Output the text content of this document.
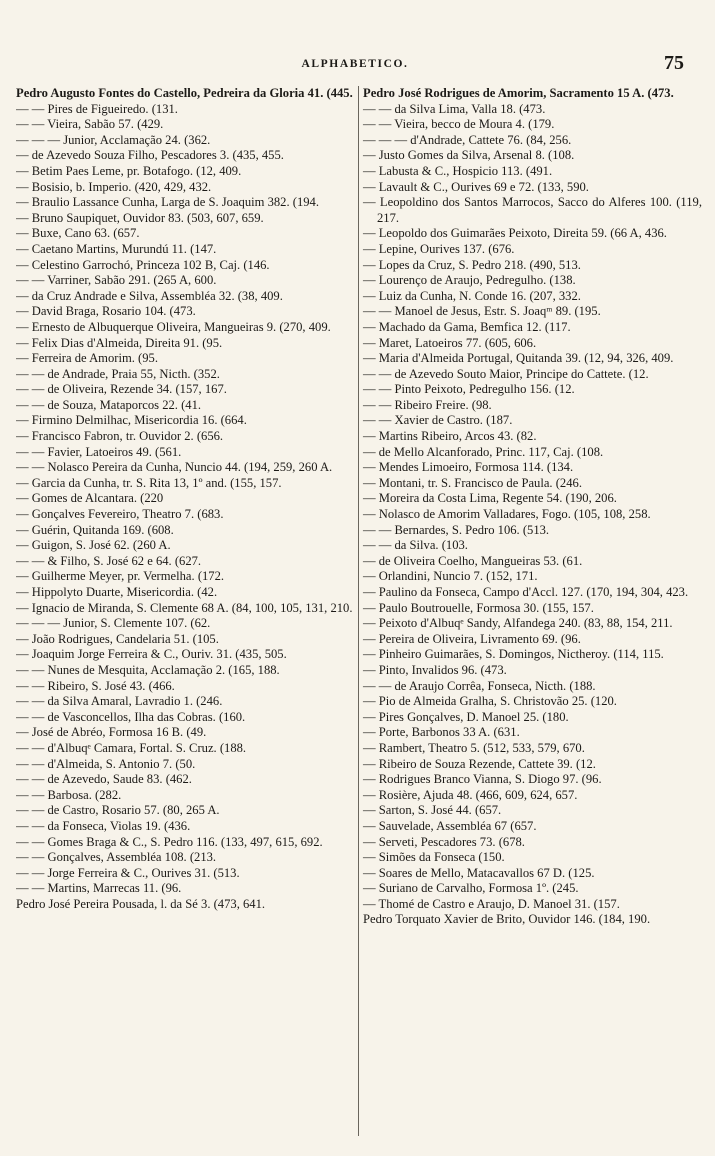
ALPHABETICO.	75

Pedro Augusto Fontes do Castello, Pedreira da Gloria 41. (445.

— — Pires de Figueiredo. (131.

— — Vieira, Sabão 57. (429.

— — — Junior, Acclamação 24. (362.

— de Azevedo Souza Filho, Pescadores 3. (435, 455.

— Betim Paes Leme, pr. Botafogo. (12, 409.

— Bosisio, b. Imperio. (420, 429, 432.

— Braulio Lassance Cunha, Larga de S. Joaquim 382. (194.

— Bruno Saupiquet, Ouvidor 83. (503, 607, 659.

— Buxe, Cano 63. (657.

— Caetano Martins, Murundú 11. (147.

— Celestino Garrochó, Princeza 102 B, Caj. (146.

— — Varriner, Sabão 291. (265 A, 600.

— da Cruz Andrade e Silva, Assembléa 32. (38, 409.

— David Braga, Rosario 104. (473.

— Ernesto de Albuquerque Oliveira, Mangueiras 9. (270, 409.

— Felix Dias d'Almeida, Direita 91. (95.

— Ferreira de Amorim. (95.

— — de Andrade, Praia 55, Nicth. (352.

— — de Oliveira, Rezende 34. (157, 167.

— — de Souza, Mataporcos 22. (41.

— Firmino Delmilhac, Misericordia 16. (664.

— Francisco Fabron, tr. Ouvidor 2. (656.

— — Favier, Latoeiros 49. (561.

— — Nolasco Pereira da Cunha, Nuncio 44. (194, 259, 260 A.

— Garcia da Cunha, tr. S. Rita 13, 1º and. (155, 157.

— Gomes de Alcantara. (220

— Gonçalves Fevereiro, Theatro 7. (683.

— Guérin, Quitanda 169. (608.

— Guigon, S. José 62. (260 A.

— — & Filho, S. José 62 e 64. (627.

— Guilherme Meyer, pr. Vermelha. (172.

— Hippolyto Duarte, Misericordia. (42.

— Ignacio de Miranda, S. Clemente 68 A. (84, 100, 105, 131, 210.

— — — Junior, S. Clemente 107. (62.

— João Rodrigues, Candelaria 51. (105.

— Joaquim Jorge Ferreira & C., Ouriv. 31. (435, 505.

— — Nunes de Mesquita, Acclamação 2. (165, 188.

— — Ribeiro, S. José 43. (466.

— — da Silva Amaral, Lavradio 1. (246.

— — de Vasconcellos, Ilha das Cobras. (160.

— José de Abréo, Formosa 16 B. (49.

— — d'Albuqᵉ Camara, Fortal. S. Cruz. (188.

— — d'Almeida, S. Antonio 7. (50.

— — de Azevedo, Saude 83. (462.

— — Barbosa. (282.

— — de Castro, Rosario 57. (80, 265 A.

— — da Fonseca, Violas 19. (436.

— — Gomes Braga & C., S. Pedro 116. (133, 497, 615, 692.

— — Gonçalves, Assembléa 108. (213.

— — Jorge Ferreira & C., Ourives 31. (513.

— — Martins, Marrecas 11. (96.

Pedro José Pereira Pousada, l. da Sé 3. (473, 641.

Pedro José Rodrigues de Amorim, Sacramento 15 A. (473.

— — da Silva Lima, Valla 18. (473.

— — Vieira, becco de Moura 4. (179.

— — — d'Andrade, Cattete 76. (84, 256.

— Justo Gomes da Silva, Arsenal 8. (108.

— Labusta & C., Hospicio 113. (491.

— Lavault & C., Ourives 69 e 72. (133, 590.

— Leopoldino dos Santos Marrocos, Sacco do Alferes 100. (119, 217.

— Leopoldo dos Guimarães Peixoto, Direita 59. (66 A, 436.

— Lepine, Ourives 137. (676.

— Lopes da Cruz, S. Pedro 218. (490, 513.

— Lourenço de Araujo, Pedregulho. (138.

— Luiz da Cunha, N. Conde 16. (207, 332.

— — Manoel de Jesus, Estr. S. Joaqᵐ 89. (195.

— Machado da Gama, Bemfica 12. (117.

— Maret, Latoeiros 77. (605, 606.

— Maria d'Almeida Portugal, Quitanda 39. (12, 94, 326, 409.

— — de Azevedo Souto Maior, Principe do Cattete. (12.

— — Pinto Peixoto, Pedregulho 156. (12.

— — Ribeiro Freire. (98.

— — Xavier de Castro. (187.

— Martins Ribeiro, Arcos 43. (82.

— de Mello Alcanforado, Princ. 117, Caj. (108.

— Mendes Limoeiro, Formosa 114. (134.

— Montani, tr. S. Francisco de Paula. (246.

— Moreira da Costa Lima, Regente 54. (190, 206.

— Nolasco de Amorim Valladares, Fogo. (105, 108, 258.

— — Bernardes, S. Pedro 106. (513.

— — da Silva. (103.

— de Oliveira Coelho, Mangueiras 53. (61.

— Orlandini, Nuncio 7. (152, 171.

— Paulino da Fonseca, Campo d'Accl. 127. (170, 194, 304, 423.

— Paulo Boutrouelle, Formosa 30. (155, 157.

— Peixoto d'Albuqᵉ Sandy, Alfandega 240. (83, 88, 154, 211.

— Pereira de Oliveira, Livramento 69. (96.

— Pinheiro Guimarães, S. Domingos, Nictheroy. (114, 115.

— Pinto, Invalidos 96. (473.

— — de Araujo Corrêa, Fonseca, Nicth. (188.

— Pio de Almeida Gralha, S. Christovão 25. (120.

— Pires Gonçalves, D. Manoel 25. (180.

— Porte, Barbonos 33 A. (631.

— Rambert, Theatro 5. (512, 533, 579, 670.

— Ribeiro de Souza Rezende, Cattete 39. (12.

— Rodrigues Branco Vianna, S. Diogo 97. (96.

— Rosière, Ajuda 48. (466, 609, 624, 657.

— Sarton, S. José 44. (657.

— Sauvelade, Assembléa 67 (657.

— Serveti, Pescadores 73. (678.

— Simões da Fonseca (150.

— Soares de Mello, Matacavallos 67 D. (125.

— Suriano de Carvalho, Formosa 1º. (245.

— Thomé de Castro e Araujo, D. Manoel 31. (157.

Pedro Torquato Xavier de Brito, Ouvidor 146. (184, 190.
